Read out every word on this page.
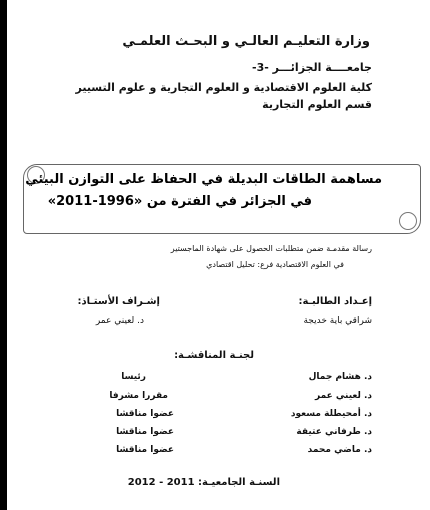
وزارة التعليـم العالـي و البحـث العلمـي
جامعــــة الجزائـــر -3-
كلية العلوم الاقتصادية و العلوم التجارية و علوم التسيير
قسم العلوم التجارية
مساهمة الطاقات البديلة في الحفاظ على التوازن البيئي
في الجزائر في الفترة من «1996-2011»
رسالة مقدمـة ضمن متطلبات الحصول على شهادة الماجستير
في العلوم الاقتصادية فرع: تحليل اقتصادي
إعـداد الطالبـة:
شراقي باية خديجة
إشـراف الأستـاذ:
د. لعيني عمر
لجنـة المناقشـة:
د. هشام جمال
رئيسا
د. لعيني عمر
مقررا مشرفا
د. أمحيطلة مسعود
عضوا مناقشا
د. طرفاني عتيقة
عضوا مناقشا
د. ماضي محمد
عضوا مناقشا
السنـة الجامعيـة: 2011 - 2012
